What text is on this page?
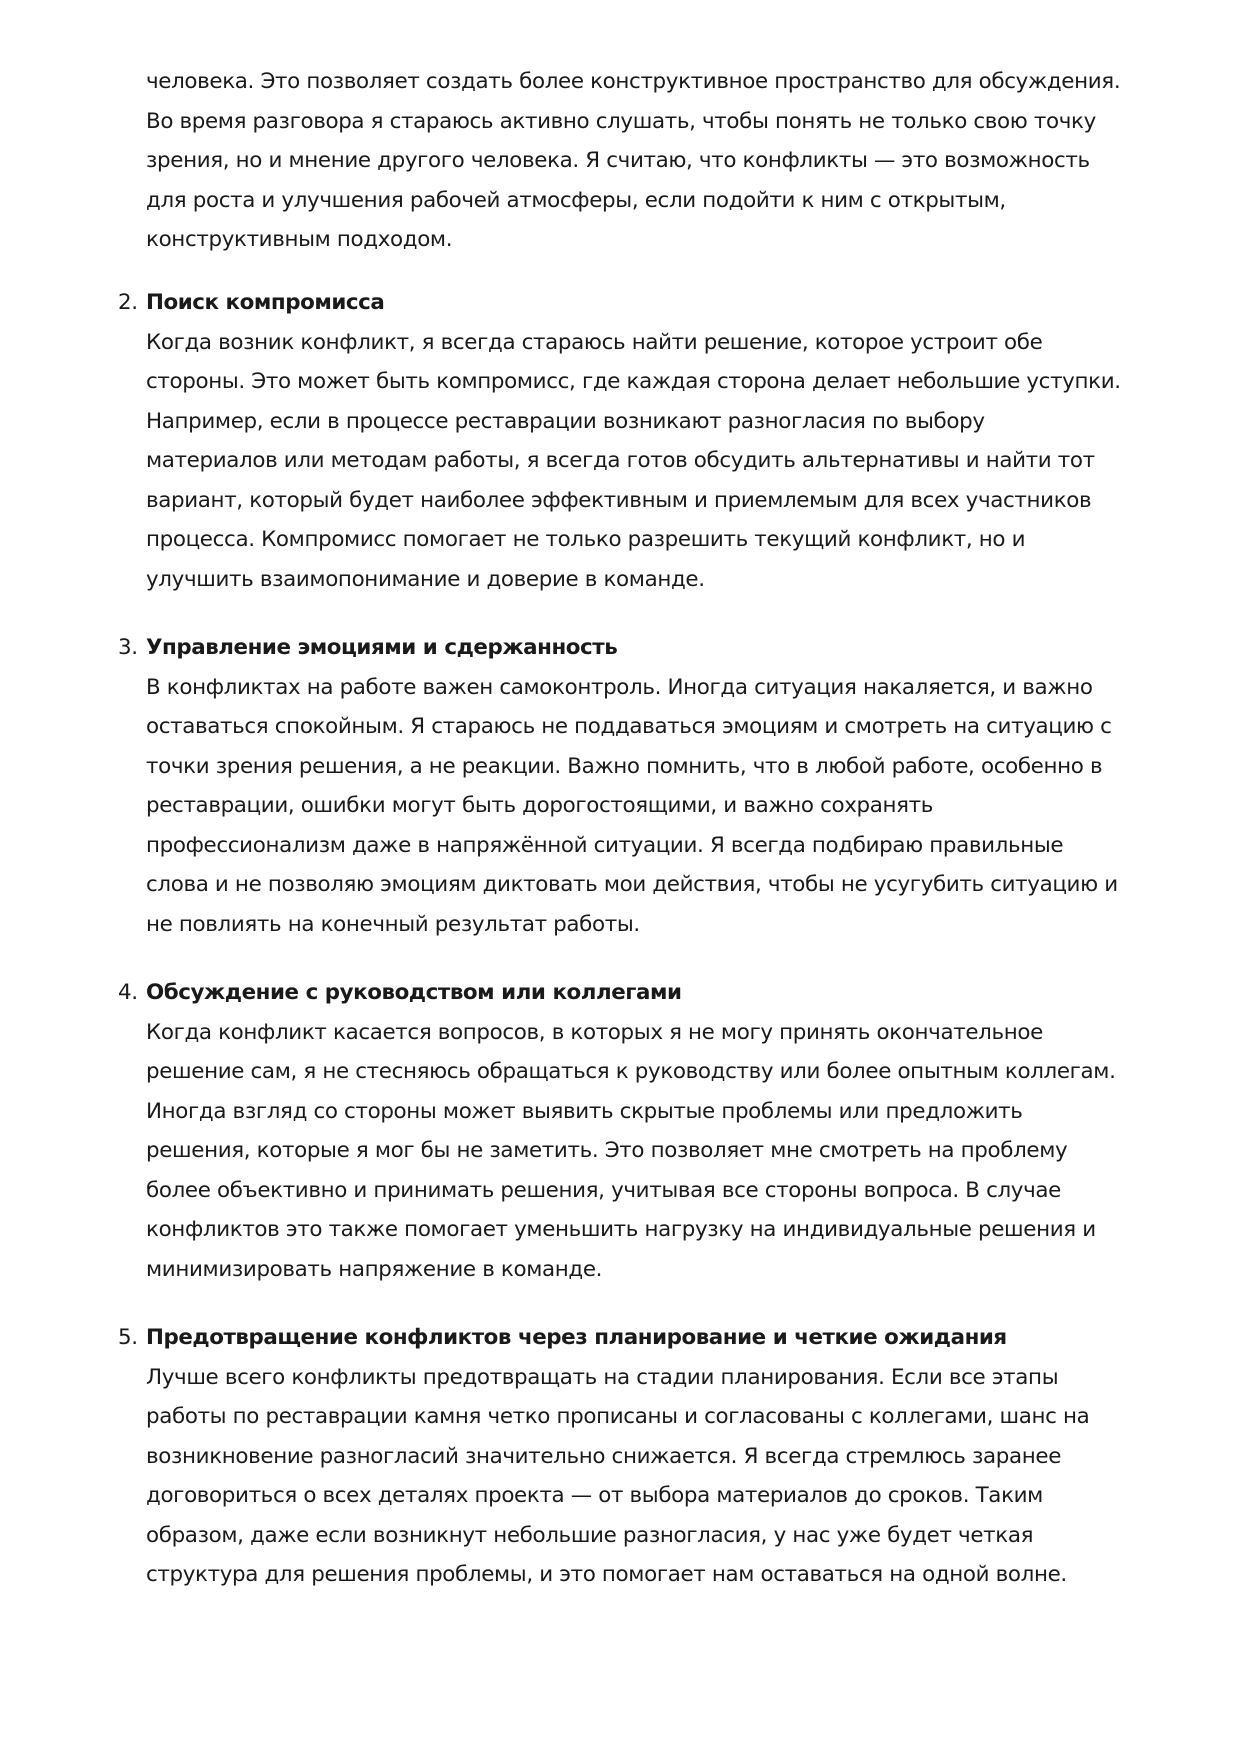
человека. Это позволяет создать более конструктивное пространство для обсуждения.
Во время разговора я стараюсь активно слушать, чтобы понять не только свою точку
зрения, но и мнение другого человека. Я считаю, что конфликты — это возможность
для роста и улучшения рабочей атмосферы, если подойти к ним с открытым,
конструктивным подходом.
2. Поиск компромисса
Когда возник конфликт, я всегда стараюсь найти решение, которое устроит обе
стороны. Это может быть компромисс, где каждая сторона делает небольшие уступки.
Например, если в процессе реставрации возникают разногласия по выбору
материалов или методам работы, я всегда готов обсудить альтернативы и найти тот
вариант, который будет наиболее эффективным и приемлемым для всех участников
процесса. Компромисс помогает не только разрешить текущий конфликт, но и
улучшить взаимопонимание и доверие в команде.
3. Управление эмоциями и сдержанность
В конфликтах на работе важен самоконтроль. Иногда ситуация накаляется, и важно
оставаться спокойным. Я стараюсь не поддаваться эмоциям и смотреть на ситуацию с
точки зрения решения, а не реакции. Важно помнить, что в любой работе, особенно в
реставрации, ошибки могут быть дорогостоящими, и важно сохранять
профессионализм даже в напряжённой ситуации. Я всегда подбираю правильные
слова и не позволяю эмоциям диктовать мои действия, чтобы не усугубить ситуацию и
не повлиять на конечный результат работы.
4. Обсуждение с руководством или коллегами
Когда конфликт касается вопросов, в которых я не могу принять окончательное
решение сам, я не стесняюсь обращаться к руководству или более опытным коллегам.
Иногда взгляд со стороны может выявить скрытые проблемы или предложить
решения, которые я мог бы не заметить. Это позволяет мне смотреть на проблему
более объективно и принимать решения, учитывая все стороны вопроса. В случае
конфликтов это также помогает уменьшить нагрузку на индивидуальные решения и
минимизировать напряжение в команде.
5. Предотвращение конфликтов через планирование и четкие ожидания
Лучше всего конфликты предотвращать на стадии планирования. Если все этапы
работы по реставрации камня четко прописаны и согласованы с коллегами, шанс на
возникновение разногласий значительно снижается. Я всегда стремлюсь заранее
договориться о всех деталях проекта — от выбора материалов до сроков. Таким
образом, даже если возникнут небольшие разногласия, у нас уже будет четкая
структура для решения проблемы, и это помогает нам оставаться на одной волне.
